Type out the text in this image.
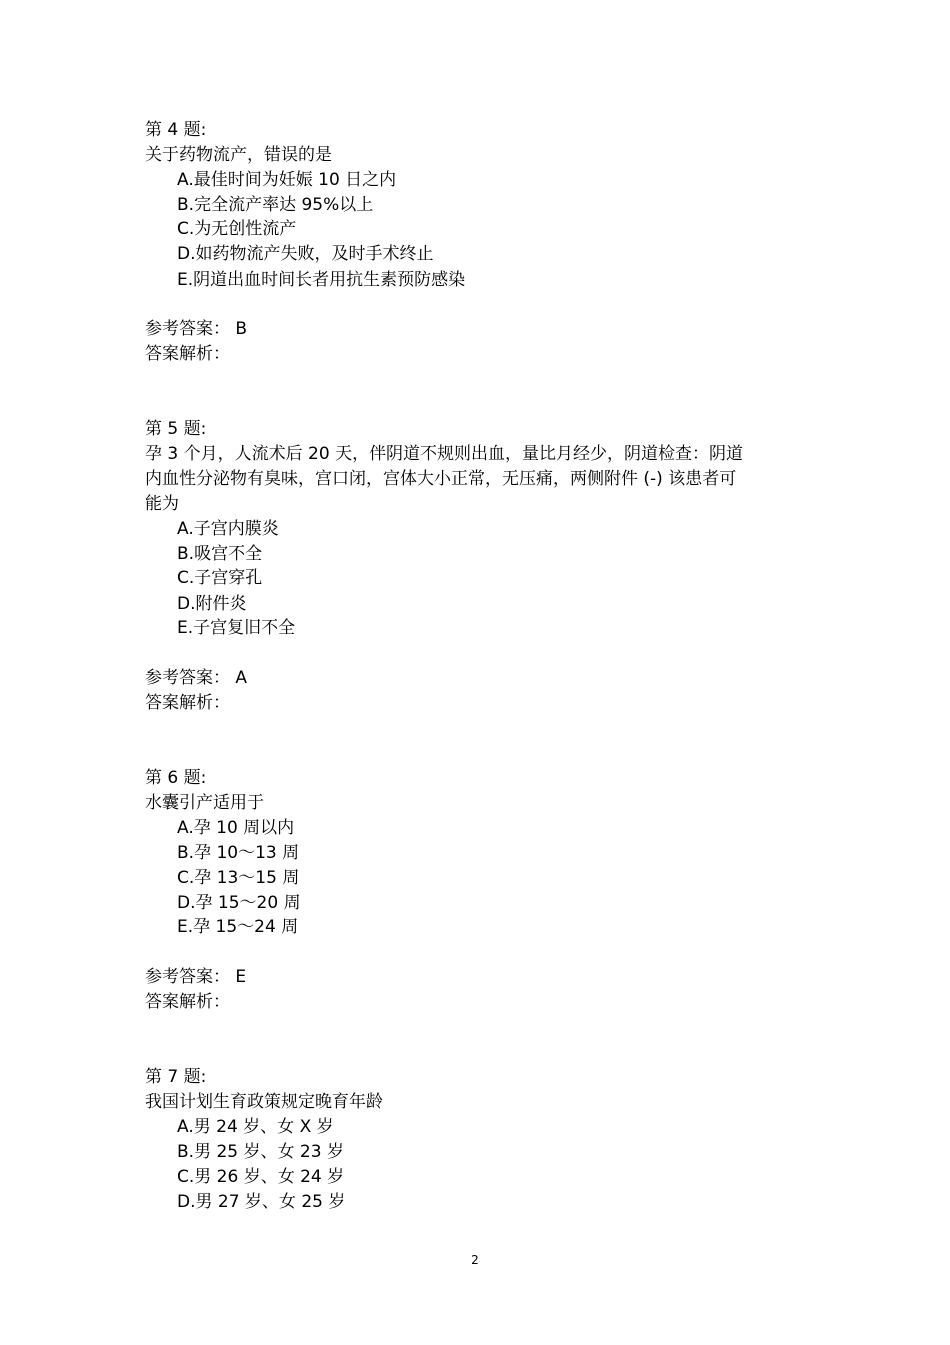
第 4 题:
关于药物流产，错误的是
A.最佳时间为妊娠 10 日之内
B.完全流产率达 95%以上
C.为无创性流产
D.如药物流产失败，及时手术终止
E.阴道出血时间长者用抗生素预防感染
参考答案： B
答案解析：
第 5 题:
孕 3 个月，人流术后 20 天，伴阴道不规则出血，量比月经少，阴道检查：阴道
内血性分泌物有臭味，宫口闭，宫体大小正常，无压痛，两侧附件 (-) 该患者可
能为
A.子宫内膜炎
B.吸宫不全
C.子宫穿孔
D.附件炎
E.子宫复旧不全
参考答案： A
答案解析：
第 6 题:
水囊引产适用于
A.孕 10 周以内
B.孕 10～13 周
C.孕 13～15 周
D.孕 15～20 周
E.孕 15～24 周
参考答案： E
答案解析：
第 7 题:
我国计划生育政策规定晚育年龄
A.男 24 岁、女 X 岁
B.男 25 岁、女 23 岁
C.男 26 岁、女 24 岁
D.男 27 岁、女 25 岁
2
